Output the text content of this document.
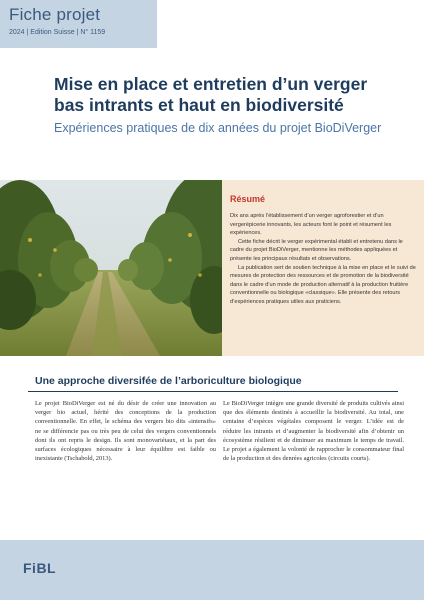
Fiche projet
2024 | Edition Suisse | N° 1159
Mise en place et entretien d’un verger
bas intrants et haut en biodiversité
Expériences pratiques de dix années du projet BioDiVerger
Résumé

Dix ans après l’établissement d’un verger agroforestier et d’un vergerépicerie innovants, les acteurs font le point et résument les expériences.

Cette fiche décrit le verger expérimental établi et entretenu dans le cadre du projet BioDiVerger, mentionne les méthodes appliquées et présente les principaux résultats et observations.

La publication sert de soutien technique à la mise en place et le suivi de mesures de protection des ressources et de promotion de la biodiversité dans le cadre d’un mode de production alternatif à la production fruitière conventionnelle ou biologique «classique». Elle présente des retours d’expériences pratiques utiles aux praticiens.

Une approche diversifée de l’arboriculture biologique

Le projet BioDiVerger est né du désir de créer une innovation au verger bio actuel, hérité des conceptions de la production conventionnelle. En effet, le schéma des vergers bio dits «intensifs» ne se différencie pas ou très peu de celui des vergers conventionnels dont ils ont repris le design. Ils sont monovariétaux, et la part des surfaces écologiques nécessaire à leur équilibre est faible ou inexistante (Tschabold, 2013).

Le BioDiVerger intègre une grande diversité de produits cultivés ainsi que des éléments destinés à accueillir la biodiversité. Au total, une centaine d’espèces végétales composent le verger. L’idée est de réduire les intrants et d’augmenter la biodiversité afin d’obtenir un écosystème résilient et de diminuer au maximum le temps de travail. Le projet a également la volonté de rapprocher le consommateur final de la production et des denrées agricoles (circuits courts).

FiBL
